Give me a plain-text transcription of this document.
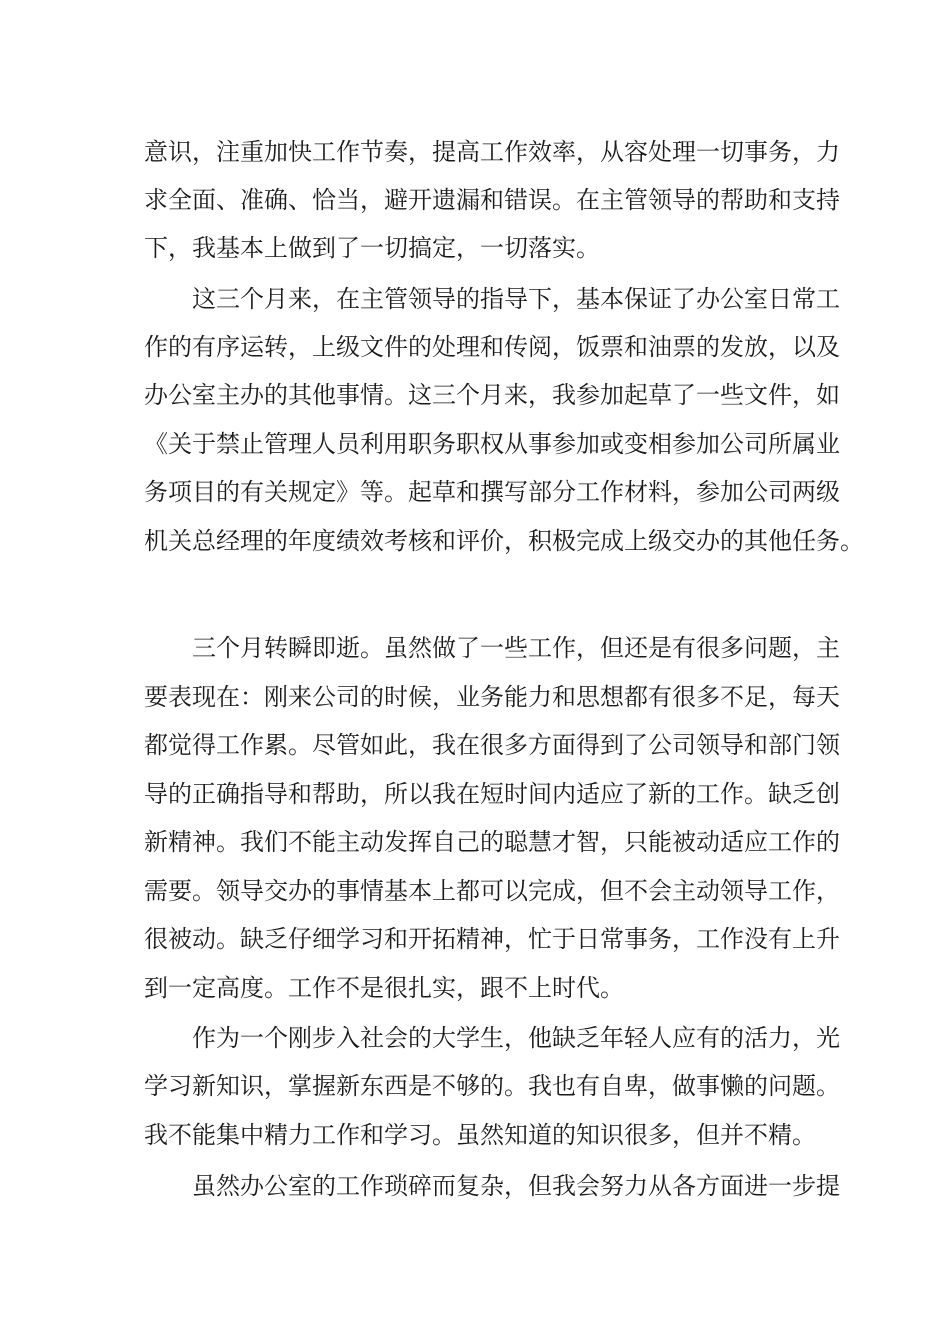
意识，注重加快工作节奏，提高工作效率，从容处理一切事务，力
求全面、准确、恰当，避开遗漏和错误。在主管领导的帮助和支持
下，我基本上做到了一切搞定，一切落实。
这三个月来，在主管领导的指导下，基本保证了办公室日常工
作的有序运转，上级文件的处理和传阅，饭票和油票的发放，以及
办公室主办的其他事情。这三个月来，我参加起草了一些文件，如
《关于禁止管理人员利用职务职权从事参加或变相参加公司所属业
务项目的有关规定》等。起草和撰写部分工作材料，参加公司两级
机关总经理的年度绩效考核和评价，积极完成上级交办的其他任务。
三个月转瞬即逝。虽然做了一些工作，但还是有很多问题，主
要表现在：刚来公司的时候，业务能力和思想都有很多不足，每天
都觉得工作累。尽管如此，我在很多方面得到了公司领导和部门领
导的正确指导和帮助，所以我在短时间内适应了新的工作。缺乏创
新精神。我们不能主动发挥自己的聪慧才智，只能被动适应工作的
需要。领导交办的事情基本上都可以完成，但不会主动领导工作，
很被动。缺乏仔细学习和开拓精神，忙于日常事务，工作没有上升
到一定高度。工作不是很扎实，跟不上时代。
作为一个刚步入社会的大学生，他缺乏年轻人应有的活力，光
学习新知识，掌握新东西是不够的。我也有自卑，做事懒的问题。
我不能集中精力工作和学习。虽然知道的知识很多，但并不精。
虽然办公室的工作琐碎而复杂，但我会努力从各方面进一步提
